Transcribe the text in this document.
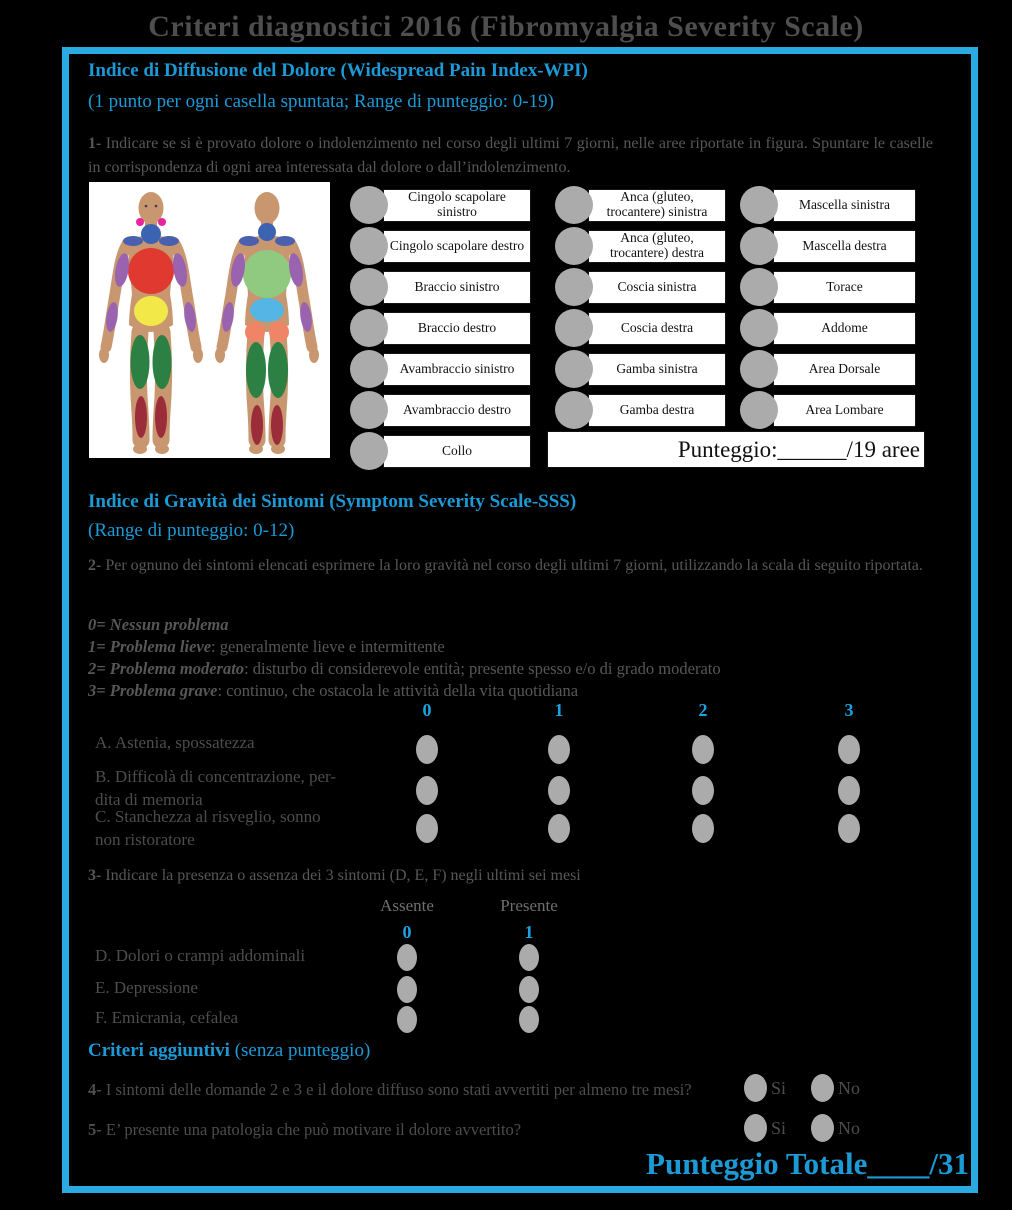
Criteri diagnostici 2016 (Fibromyalgia Severity Scale)
Indice di Diffusione del Dolore (Widespread Pain Index-WPI)
(1 punto per ogni casella spuntata; Range di punteggio: 0-19)
1- Indicare se si è provato dolore o indolenzimento nel corso degli ultimi 7 giorni, nelle aree riportate in figura. Spuntare le caselle in corrispondenza di ogni area interessata dal dolore o dall’indolenzimento.
Cingolo scapolare sinistro
Cingolo scapolare destro
Braccio sinistro
Braccio destro
Avambraccio sinistro
Avambraccio destro
Collo
Anca (gluteo, trocantere) sinistra
Anca (gluteo, trocantere) destra
Coscia sinistra
Coscia destra
Gamba sinistra
Gamba destra
Mascella sinistra
Mascella destra
Torace
Addome
Area Dorsale
Area Lombare
Punteggio:______/19 aree
Indice di Gravità dei Sintomi (Symptom Severity Scale-SSS)
(Range di punteggio: 0-12)
2- Per ognuno dei sintomi elencati esprimere la loro gravità nel corso degli ultimi 7 giorni, utilizzando la scala di seguito riportata.
0= Nessun problema
1= Problema lieve: generalmente lieve e intermittente
2= Problema moderato: disturbo di considerevole entità; presente spesso e/o di grado moderato
3= Problema grave: continuo, che ostacola le attività della vita quotidiana
0	1	2	3
A. Astenia, spossatezza
B. Difficolà di concentrazione, per-
dita di memoria
C. Stanchezza al risveglio, sonno
non ristoratore
3- Indicare la presenza o assenza dei 3 sintomi (D, E, F) negli ultimi sei mesi
Assente	Presente
0	1
D. Dolori o crampi addominali
E. Depressione
F. Emicrania, cefalea
Criteri aggiuntivi (senza punteggio)
4- I sintomi delle domande 2 e 3 e il dolore diffuso sono stati avvertiti per almeno tre mesi?	Si	No
5- E’ presente una patologia che può motivare il dolore avvertito?	Si	No
Punteggio Totale____/31
